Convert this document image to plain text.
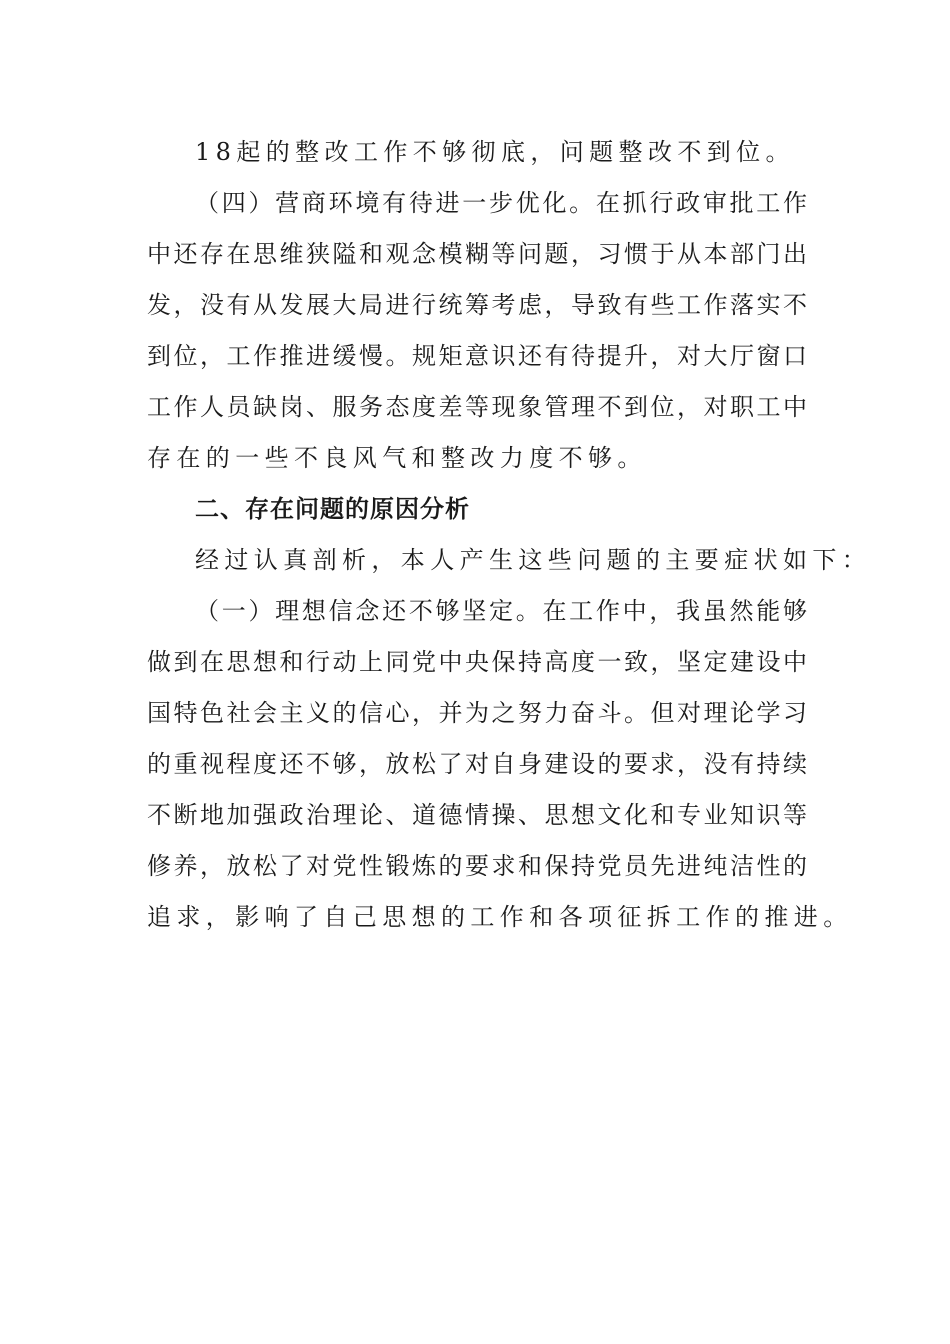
18起的整改工作不够彻底，问题整改不到位。
（四）营商环境有待进一步优化。在抓行政审批工作
中还存在思维狭隘和观念模糊等问题，习惯于从本部门出
发，没有从发展大局进行统筹考虑，导致有些工作落实不
到位，工作推进缓慢。规矩意识还有待提升，对大厅窗口
工作人员缺岗、服务态度差等现象管理不到位，对职工中
存在的一些不良风气和整改力度不够。
二、存在问题的原因分析
经过认真剖析，本人产生这些问题的主要症状如下：
（一）理想信念还不够坚定。在工作中，我虽然能够
做到在思想和行动上同党中央保持高度一致，坚定建设中
国特色社会主义的信心，并为之努力奋斗。但对理论学习
的重视程度还不够，放松了对自身建设的要求，没有持续
不断地加强政治理论、道德情操、思想文化和专业知识等
修养，放松了对党性锻炼的要求和保持党员先进纯洁性的
追求，影响了自己思想的工作和各项征拆工作的推进。
